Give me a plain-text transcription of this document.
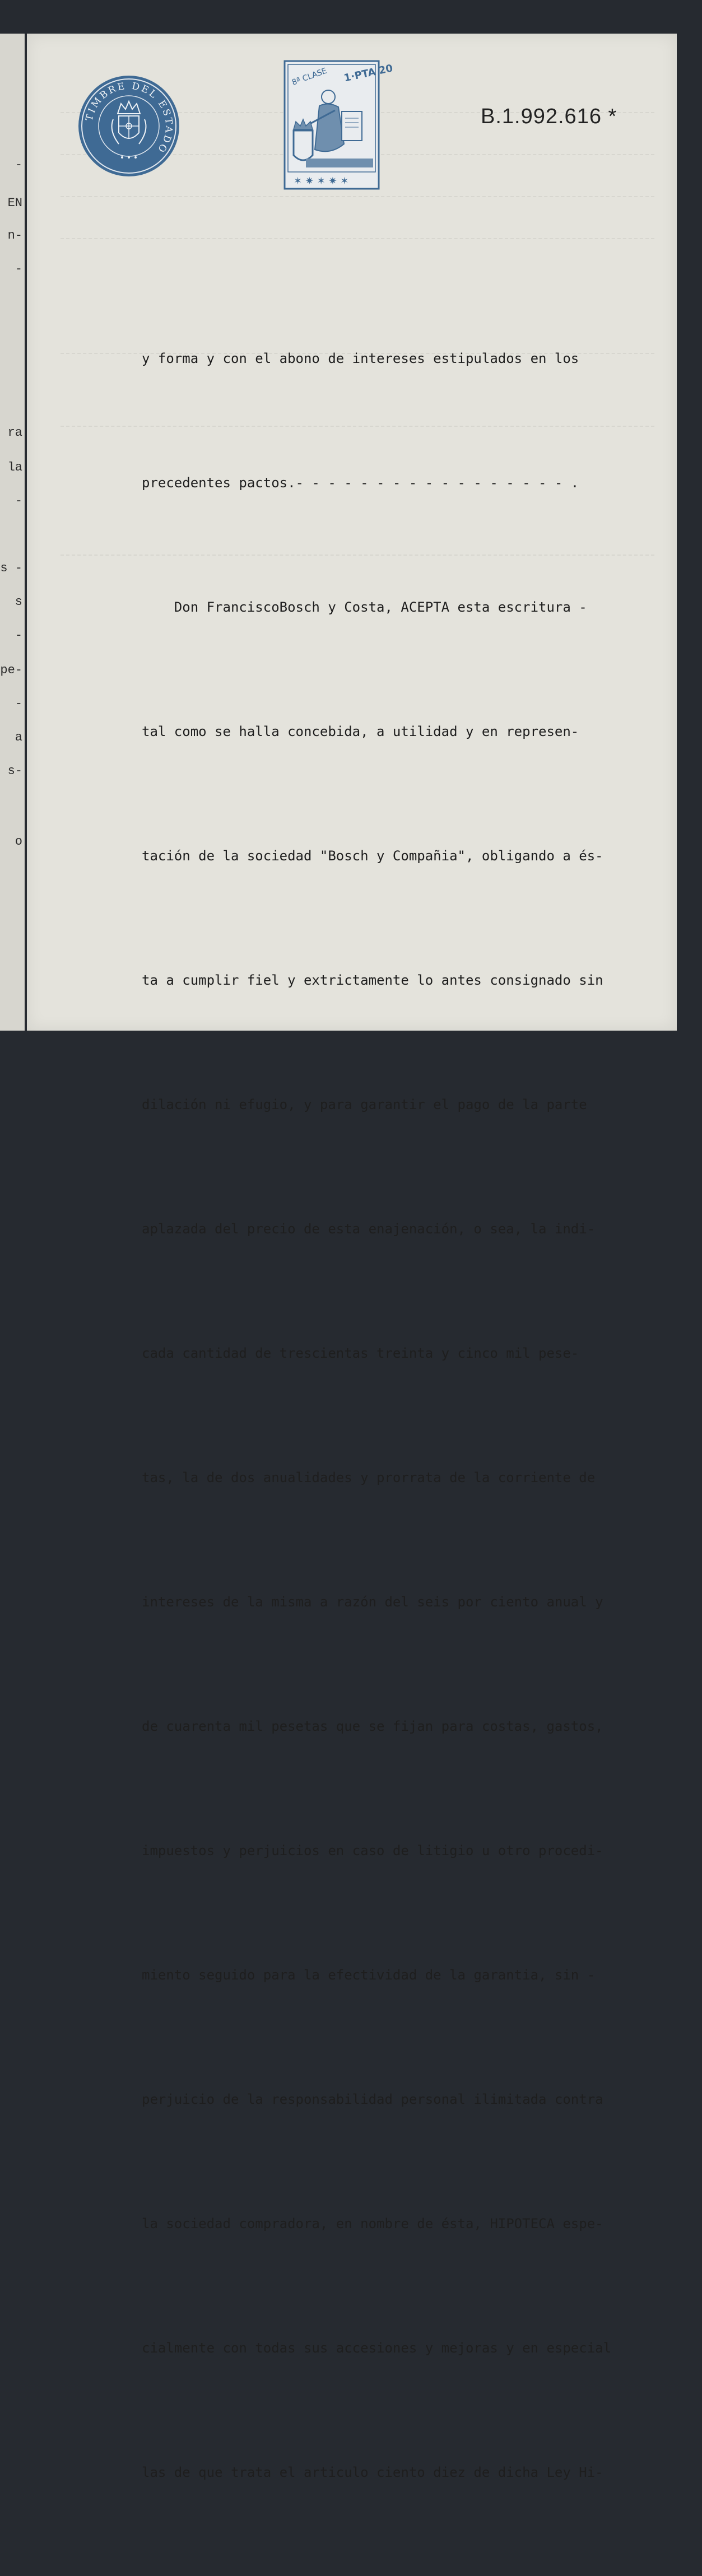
-
EN
n-
-
ra
la
-
s -
s
-
pe-
-
a
s-
o
TIMBRE DEL ESTADO
8ª CLASE 1·PTA 20
✶ ✷ ✶ ✷ ✶
B.1.992.616 *

y forma y con el abono de intereses estipulados en los

precedentes pactos.- - - - - - - - - - - - - - - - - .

Don FranciscoBosch y Costa, ACEPTA esta escritura -

tal como se halla concebida, a utilidad y en represen-

tación de la sociedad "Bosch y Compañia", obligando a és-

ta a cumplir fiel y extrictamente lo antes consignado sin

dilación ni efugio, y para garantir el pago de la parte

aplazada del precio de esta enajenación, o sea, la indi-

cada cantidad de trescientas treinta y cinco mil pese-

tas, la de dos anualidades y prorrata de la corriente de

intereses de la misma a razón del seis por ciento anual y

de cuarenta mil pesetas que se fijan para costas, gastos,

impuestos y perjuicios en caso de litigio u otro procedi-

miento seguido para la efectividad de la garantia, sin -

perjuicio de la responsabilidad personal ilimitada contra

la sociedad compradora, en nombre de ésta, HIPOTECA espe-

cialmente con todas sus accesiones y mejoras y en especial

las de que trata el articulo ciento diez de dicha Ley Hi-
